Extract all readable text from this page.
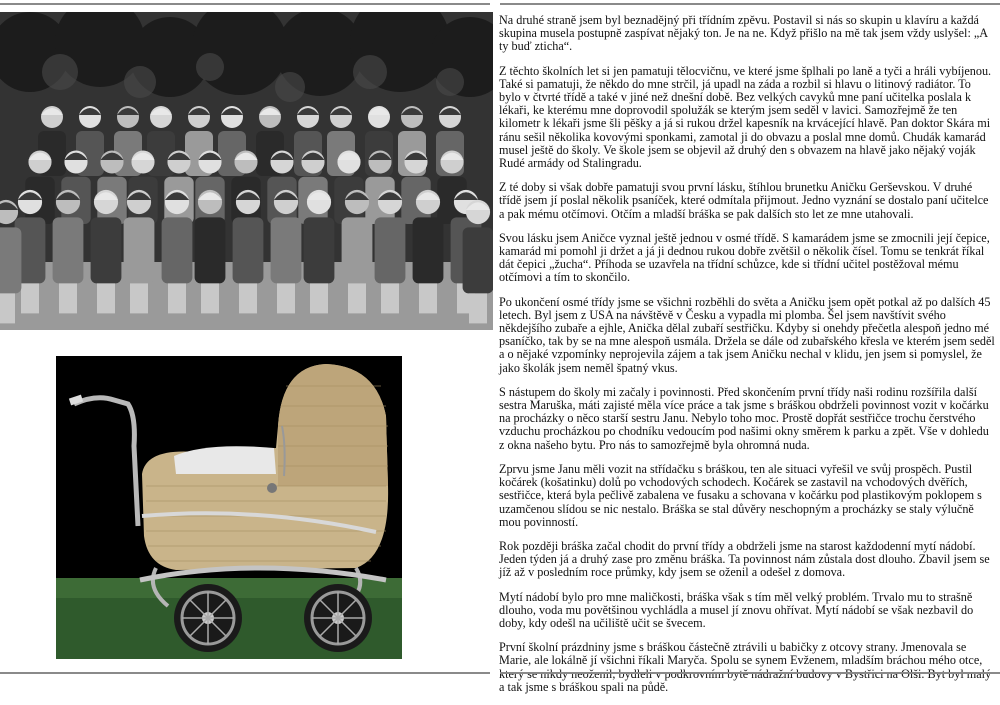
Na druhé straně jsem byl beznadějný při třídním zpěvu. Postavil si nás so skupin u klavíru a každá skupina musela postupně zaspívat nějaký ton. Je na ne. Když přišlo na mě tak jsem vždy uslyšel: „A ty buď zticha“.

Z těchto školních let si jen pamatuji tělocvičnu, ve které jsme šplhali po laně a tyči a hráli vybíjenou. Také si pamatuji, že někdo do mne strčil, já upadl na záda a rozbil si hlavu o litinový radiátor. To bylo v čtvrté třídě a také v jiné než dnešní době. Bez velkých cavyků mne paní učitelka poslala k lékaři, ke kterému mne doprovodil spolužák se kterým jsem seděl v lavici. Samozřejmě že ten kilometr k lékaři jsme šli pěšky a já si rukou držel kapesník na krvácející hlavě. Pan doktor Skára mi ránu sešil několika kovovými sponkami, zamotal ji do obvazu a poslal mne domů. Chudák kamarád musel ještě do školy. Ve škole jsem se objevil až druhý den s obvazem na hlavě jako nějaký voják Rudé armády od Stalingradu.

Z té doby si však dobře pamatuji svou první lásku, štíhlou brunetku Aničku Gerševskou. V druhé třídě jsem jí poslal několik psaníček, které odmítala přijmout. Jedno vyznání se dostalo paní učitelce a pak mému otčímovi. Otčím a mladší bráška se pak dalších sto let ze mne utahovali.

Svou lásku jsem Aničce vyznal ještě jednou v osmé třídě. S kamarádem jsme se zmocnili její čepice, kamarád mi pomohl ji držet a já ji dednou rukou dobře zvětšil o několik čísel. Tomu se tenkrát říkal dát čepici „žucha“. Příhoda se uzavřela na třídní schůzce, kde si třídní učitel postěžoval mému otčímovi a tím to skončilo.

Po ukončení osmé třídy jsme se všichni rozběhli do světa a Aničku jsem opět potkal až po dalších 45 letech. Byl jsem z USA na návštěvě v Česku a vypadla mi plomba. Šel jsem navštívit svého někdejšího zubaře a ejhle, Anička dělal zubaří sestřičku. Kdyby si onehdy přečetla alespoň jedno mé psaníčko, tak by se na mne alespoň usmála. Držela se dále od zubařského křesla ve kterém jsem seděl a o nějaké vzpomínky neprojevila zájem a tak jsem Aničku nechal v klidu, jen jsem si pomyslel, že jako školák jsem neměl špatný vkus.

S nástupem do školy mi začaly i povinnosti. Před skončením první třídy naši rodinu rozšířila další sestra Maruška, máti zajisté měla více práce a tak jsme s bráškou obdrželi povinnost vozit v kočárku na procházky o něco starší sestru Janu. Nebylo toho moc. Prostě dopřát sestřičce trochu čerstvého vzduchu procházkou po chodníku vedoucím pod našimi okny směrem k parku a zpět. Vše v dohledu z okna našeho bytu. Pro nás to samozřejmě byla ohromná nuda.

Zprvu jsme Janu měli vozit na střídačku s bráškou, ten ale situaci vyřešil ve svůj prospěch. Pustil kočárek (košatinku) dolů po vchodových schodech. Kočárek se zastavil na vchodových dvěřích, sestřičce, která byla pečlivě zabalena ve fusaku a schovana v kočárku pod plastikovým poklopem s uzamčenou slídou se nic nestalo. Bráška se stal důvěry neschopným a procházky se staly výlučně mou povinností.

Rok později bráška začal chodit do první třídy a obdrželi jsme na starost každodenní mytí nádobí. Jeden týden já a druhý zase pro změnu bráška. Ta povinnost nám zůstala dost dlouho. Zbavil jsem se jíž až v posledním roce průmky, kdy jsem se oženil a odešel z domova.

Mytí nádobí bylo pro mne maličkosti, bráška však s tím měl velký problém. Trvalo mu to strašně dlouho, voda mu povětšinou vychládla a musel jí znovu ohřívat. Mytí nádobí se však nezbavil do doby, kdy odešl na učiliště učit se švecem.

První školní prázdniny jsme s bráškou částečně ztrávili u babičky z otcovy strany. Jmenovala se Marie, ale lokálně jí všichni říkali Maryča. Spolu se synem Evženem, mladším bráchou mého otce, a tak jsme s bráškou spali na půdě.
